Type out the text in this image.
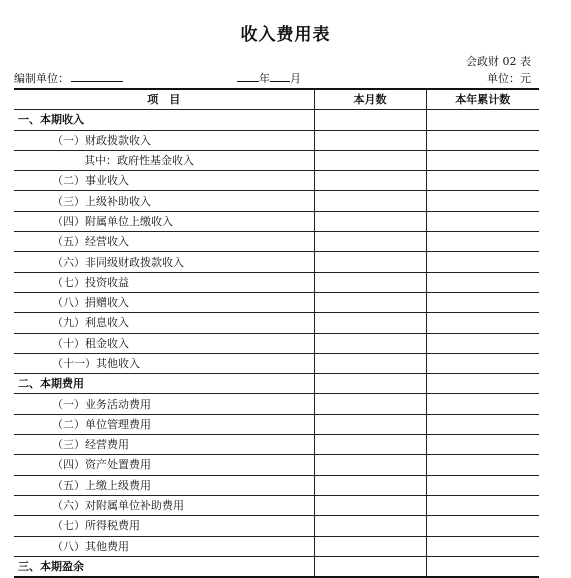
收入费用表
会政财 02 表
编制单位：	年 月	单位：元
项　目	本月数	本年累计数
一、本期收入		
（一）财政拨款收入		
其中：政府性基金收入		
（二）事业收入		
（三）上级补助收入		
（四）附属单位上缴收入		
（五）经营收入		
（六）非同级财政拨款收入		
（七）投资收益		
（八）捐赠收入		
（九）利息收入		
（十）租金收入		
（十一）其他收入		
二、本期费用		
（一）业务活动费用		
（二）单位管理费用		
（三）经营费用		
（四）资产处置费用		
（五）上缴上级费用		
（六）对附属单位补助费用		
（七）所得税费用		
（八）其他费用		
三、本期盈余		
